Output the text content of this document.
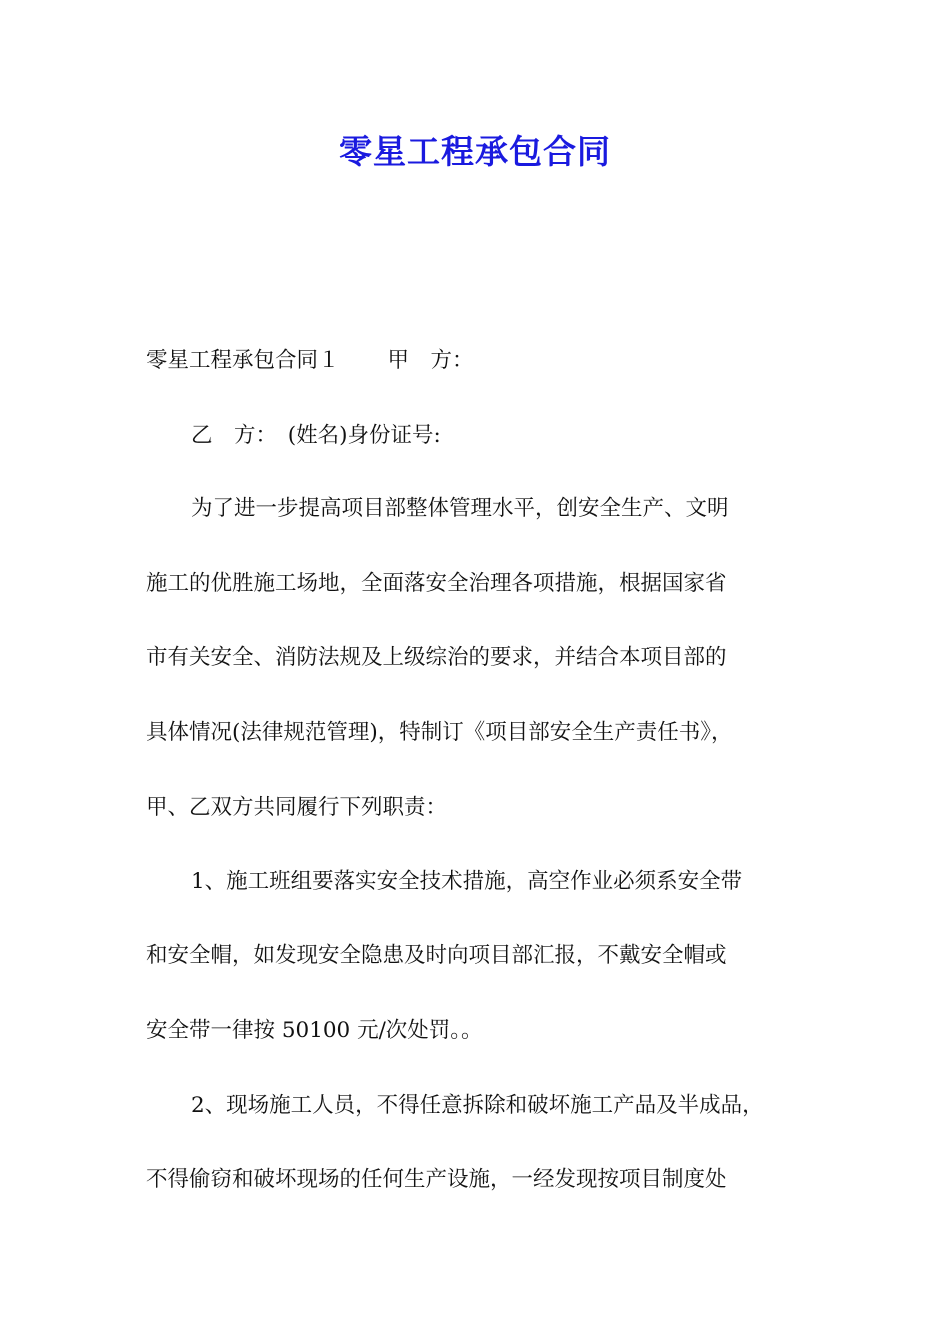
零星工程承包合同
零星工程承包合同１ 甲　方：
乙　方：　(姓名)身份证号:
为了进一步提高项目部整体管理水平，创安全生产、文明
施工的优胜施工场地，全面落安全治理各项措施，根据国家省
市有关安全、消防法规及上级综治的要求，并结合本项目部的
具体情况(法律规范管理)，特制订《项目部安全生产责任书》，
甲、乙双方共同履行下列职责：
1、施工班组要落实安全技术措施，高空作业必须系安全带
和安全帽，如发现安全隐患及时向项目部汇报，不戴安全帽或
安全带一律按 50100 元/次处罚。。
2、现场施工人员，不得任意拆除和破坏施工产品及半成品，
不得偷窃和破坏现场的任何生产设施，一经发现按项目制度处
